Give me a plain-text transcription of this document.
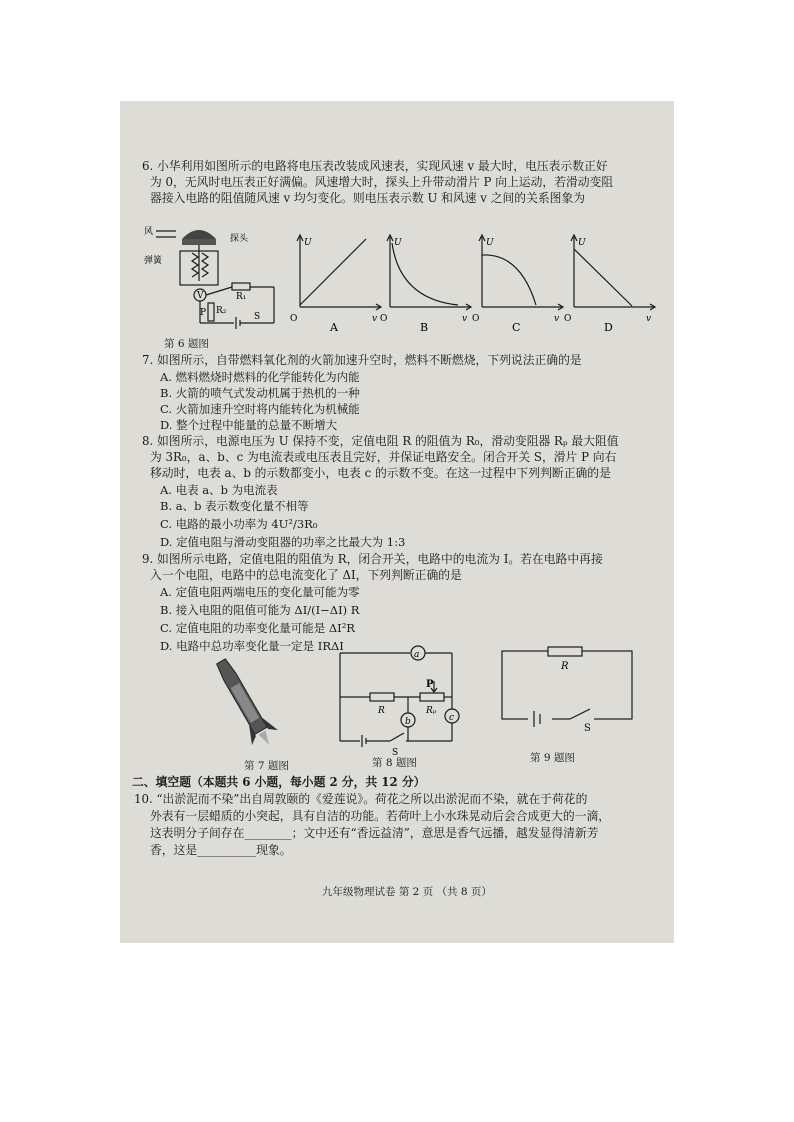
6. 小华利用如图所示的电路将电压表改装成风速表，实现风速 v 最大时，电压表示数正好
为 0，无风时电压表正好满偏。风速增大时，探头上升带动滑片 P 向上运动，若滑动变阻
器接入电路的阻值随风速 v 均匀变化。则电压表示数 U 和风速 v 之间的关系图象为
风
探头
弹簧
V	R₁
R₂
P	S
U
v
O
A
U
v
O
B
U
v
O
C
U
v
O
D
第 6 题图
7. 如图所示，自带燃料氧化剂的火箭加速升空时，燃料不断燃烧，下列说法正确的是
A. 燃料燃烧时燃料的化学能转化为内能
B. 火箭的喷气式发动机属于热机的一种
C. 火箭加速升空时将内能转化为机械能
D. 整个过程中能量的总量不断增大
8. 如图所示，电源电压为 U 保持不变，定值电阻 R 的阻值为 R₀，滑动变阻器 Rₚ 最大阻值
为 3R₀，a、b、c 为电流表或电压表且完好，并保证电路安全。闭合开关 S，滑片 P 向右
移动时，电表 a、b 的示数都变小，电表 c 的示数不变。在这一过程中下列判断正确的是
A. 电表 a、b 为电流表
B. a、b 表示数变化量不相等
C. 电路的最小功率为 4U²/3R₀
D. 定值电阻与滑动变阻器的功率之比最大为 1:3
9. 如图所示电路，定值电阻的阻值为 R，闭合开关，电路中的电流为 I。若在电路中再接
入一个电阻，电路中的总电流变化了 ΔI，下列判断正确的是
A. 定值电阻两端电压的变化量可能为零
B. 接入电阻的阻值可能为 ΔI/(I−ΔI) R
C. 定值电阻的功率变化量可能是 ΔI²R
D. 电路中总功率变化量一定是 IRΔI
a
R
P
Rₚ
b	c
S
R
S
第 7 题图	第 8 题图	第 9 题图
二、填空题（本题共 6 小题，每小题 2 分，共 12 分）
10. “出淤泥而不染”出自周敦颐的《爱莲说》。荷花之所以出淤泥而不染，就在于荷花的
外表有一层蜡质的小突起，具有自洁的功能。若荷叶上小水珠晃动后会合成更大的一滴，
这表明分子间存在________；文中还有“香远益清”，意思是香气远播，越发显得清新芳
香，这是__________现象。
九年级物理试卷 第 2 页 （共 8 页）
